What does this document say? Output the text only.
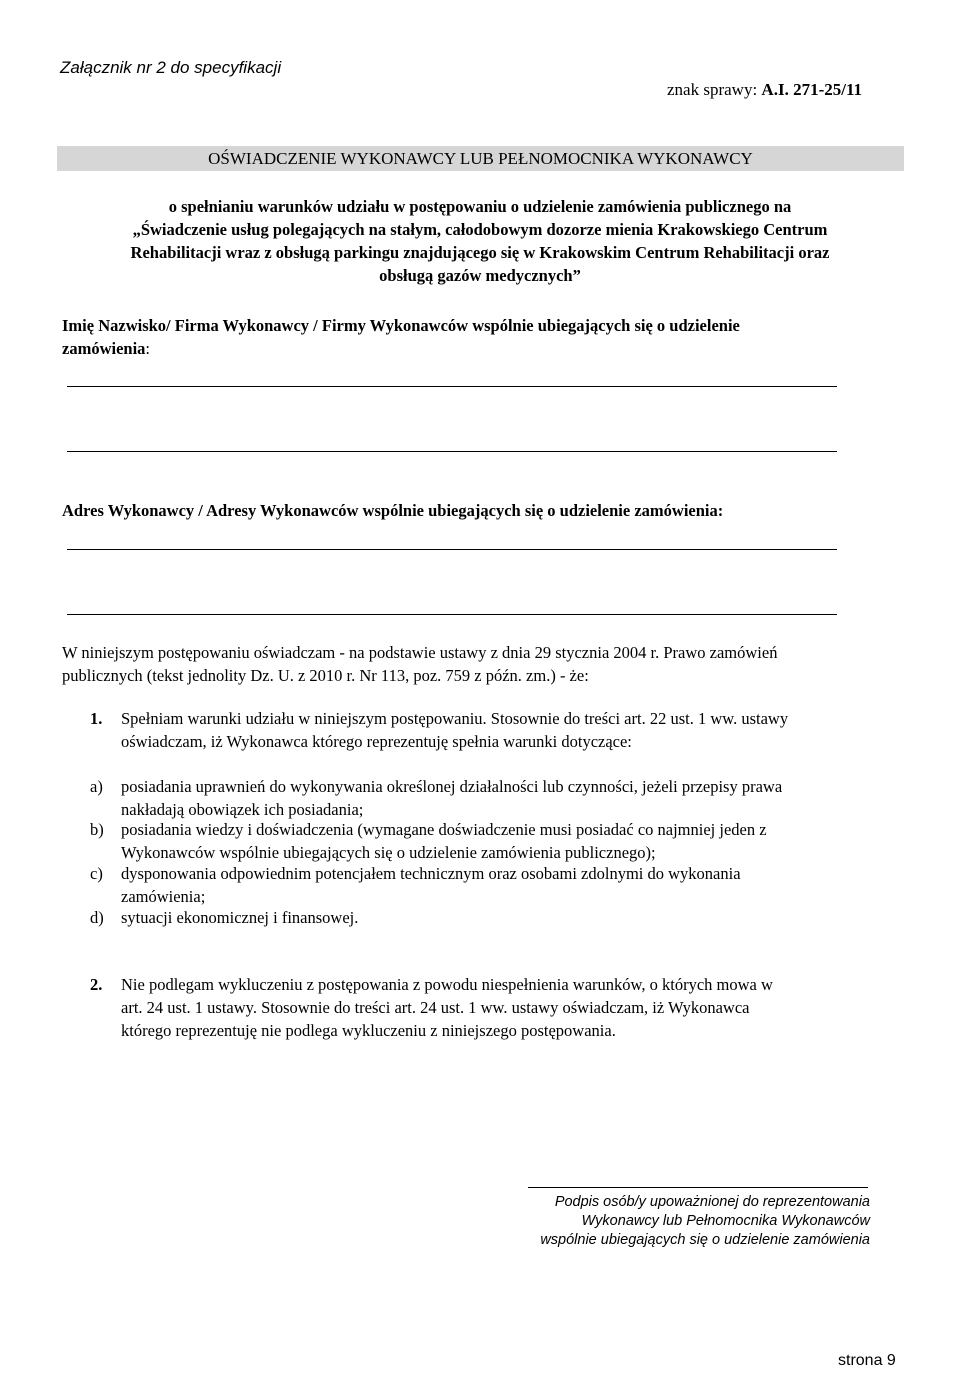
Załącznik nr 2 do specyfikacji
znak sprawy: A.I. 271-25/11
OŚWIADCZENIE WYKONAWCY LUB PEŁNOMOCNIKA WYKONAWCY
o spełnianiu warunków udziału w postępowaniu o udzielenie zamówienia publicznego na
„Świadczenie usług polegających na stałym, całodobowym dozorze mienia Krakowskiego Centrum
Rehabilitacji wraz z obsługą parkingu znajdującego się w Krakowskim Centrum Rehabilitacji oraz
obsługą gazów medycznych”
Imię Nazwisko/ Firma Wykonawcy / Firmy Wykonawców wspólnie ubiegających się o udzielenie
zamówienia:
Adres Wykonawcy / Adresy Wykonawców wspólnie ubiegających się o udzielenie zamówienia:
W niniejszym postępowaniu oświadczam - na podstawie ustawy z dnia 29 stycznia 2004 r. Prawo zamówień
publicznych (tekst jednolity Dz. U. z 2010 r. Nr 113, poz. 759 z późn. zm.) - że:
1. Spełniam warunki udziału w niniejszym postępowaniu. Stosownie do treści art. 22 ust. 1 ww. ustawy
oświadczam, iż Wykonawca którego reprezentuję spełnia warunki dotyczące:
a) posiadania uprawnień do wykonywania określonej działalności lub czynności, jeżeli przepisy prawa
nakładają obowiązek ich posiadania;
b) posiadania wiedzy i doświadczenia (wymagane doświadczenie musi posiadać co najmniej jeden z
Wykonawców wspólnie ubiegających się o udzielenie zamówienia publicznego);
c) dysponowania odpowiednim potencjałem technicznym oraz osobami zdolnymi do wykonania
zamówienia;
d) sytuacji ekonomicznej i finansowej.
2. Nie podlegam wykluczeniu z postępowania z powodu niespełnienia warunków, o których mowa w
art. 24 ust. 1 ustawy. Stosownie do treści art. 24 ust. 1 ww. ustawy oświadczam, iż Wykonawca
którego reprezentuję nie podlega wykluczeniu z niniejszego postępowania.
Podpis osób/y upoważnionej do reprezentowania
Wykonawcy lub Pełnomocnika Wykonawców
wspólnie ubiegających się o udzielenie zamówienia
strona 9
